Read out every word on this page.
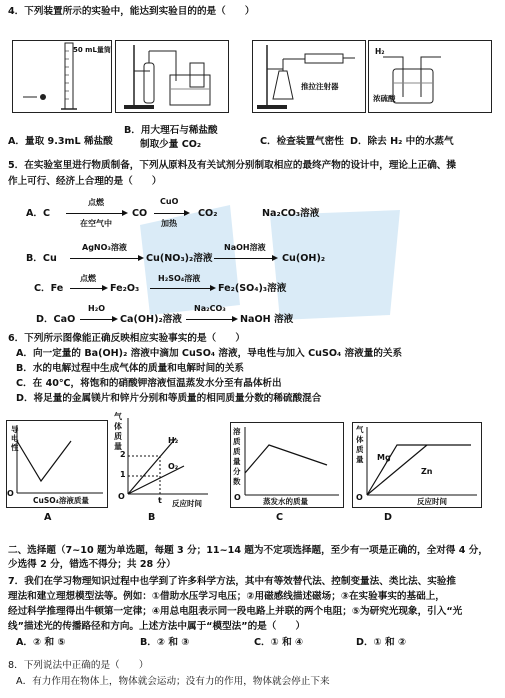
4．下列装置所示的实验中，能达到实验目的的是（　　）
50 mL量筒
推拉注射器
H₂
浓硫酸
A．量取 9.3mL 稀盐酸
B．用大理石与稀盐酸
制取少量 CO₂	C．检查装置气密性 D．除去 H₂ 中的水蒸气
5．在实验室里进行物质制备，下列从原料及有关试剂分别制取相应的最终产物的设计中，理论上正确、操
作上可行、经济上合理的是（　　）
A．C
点燃
在空气中
CO
CuO
加热
CO₂	Na₂CO₃溶液
B．Cu
AgNO₃溶液
Cu(NO₃)₂溶液
NaOH溶液
Cu(OH)₂
C．Fe
点燃
Fe₂O₃
H₂SO₄溶液
Fe₂(SO₄)₃溶液
D．CaO
H₂O
Ca(OH)₂溶液
Na₂CO₃
NaOH 溶液
6．下列所示图像能正确反映相应实验事实的是（　　）
A．向一定量的 Ba(OH)₂ 溶液中滴加 CuSO₄ 溶液，导电性与加入 CuSO₄ 溶液量的关系
B．水的电解过程中生成气体的质量和电解时间的关系
C．在 40℃，将饱和的硝酸钾溶液恒温蒸发水分至有晶体析出
D．将足量的金属镁片和锌片分别和等质量的相同质量分数的稀硫酸混合
导电性
O
CuSO₄溶液质量
A
气体质量
2
1
O	t 反应时间
H₂
O₂
B
溶质质量分数
O	蒸发水的质量
C
气体质量
O
Mg
Zn
反应时间
D
二、选择题（7~10 题为单选题，每题 3 分；11~14 题为不定项选择题，至少有一项是正确的，全对得 4 分，
少选得 2 分，错选不得分；共 28 分）
7．我们在学习物理知识过程中也学到了许多科学方法，其中有等效替代法、控制变量法、类比法、实验推
理法和建立理想模型法等。例如：①借助水压学习电压；②用磁感线描述磁场；③在实验事实的基础上，
经过科学推理得出牛顿第一定律；④用总电阻表示同一段电路上并联的两个电阻；⑤为研究光现象，引入“光
线”描述光的传播路径和方向。上述方法中属于“模型法”的是（　　）
A．② 和 ⑤	B．② 和 ③	C．① 和 ④	D．① 和 ②
8．下列说法中正确的是（　　）
A．有力作用在物体上，物体就会运动；没有力的作用，物体就会停止下来
